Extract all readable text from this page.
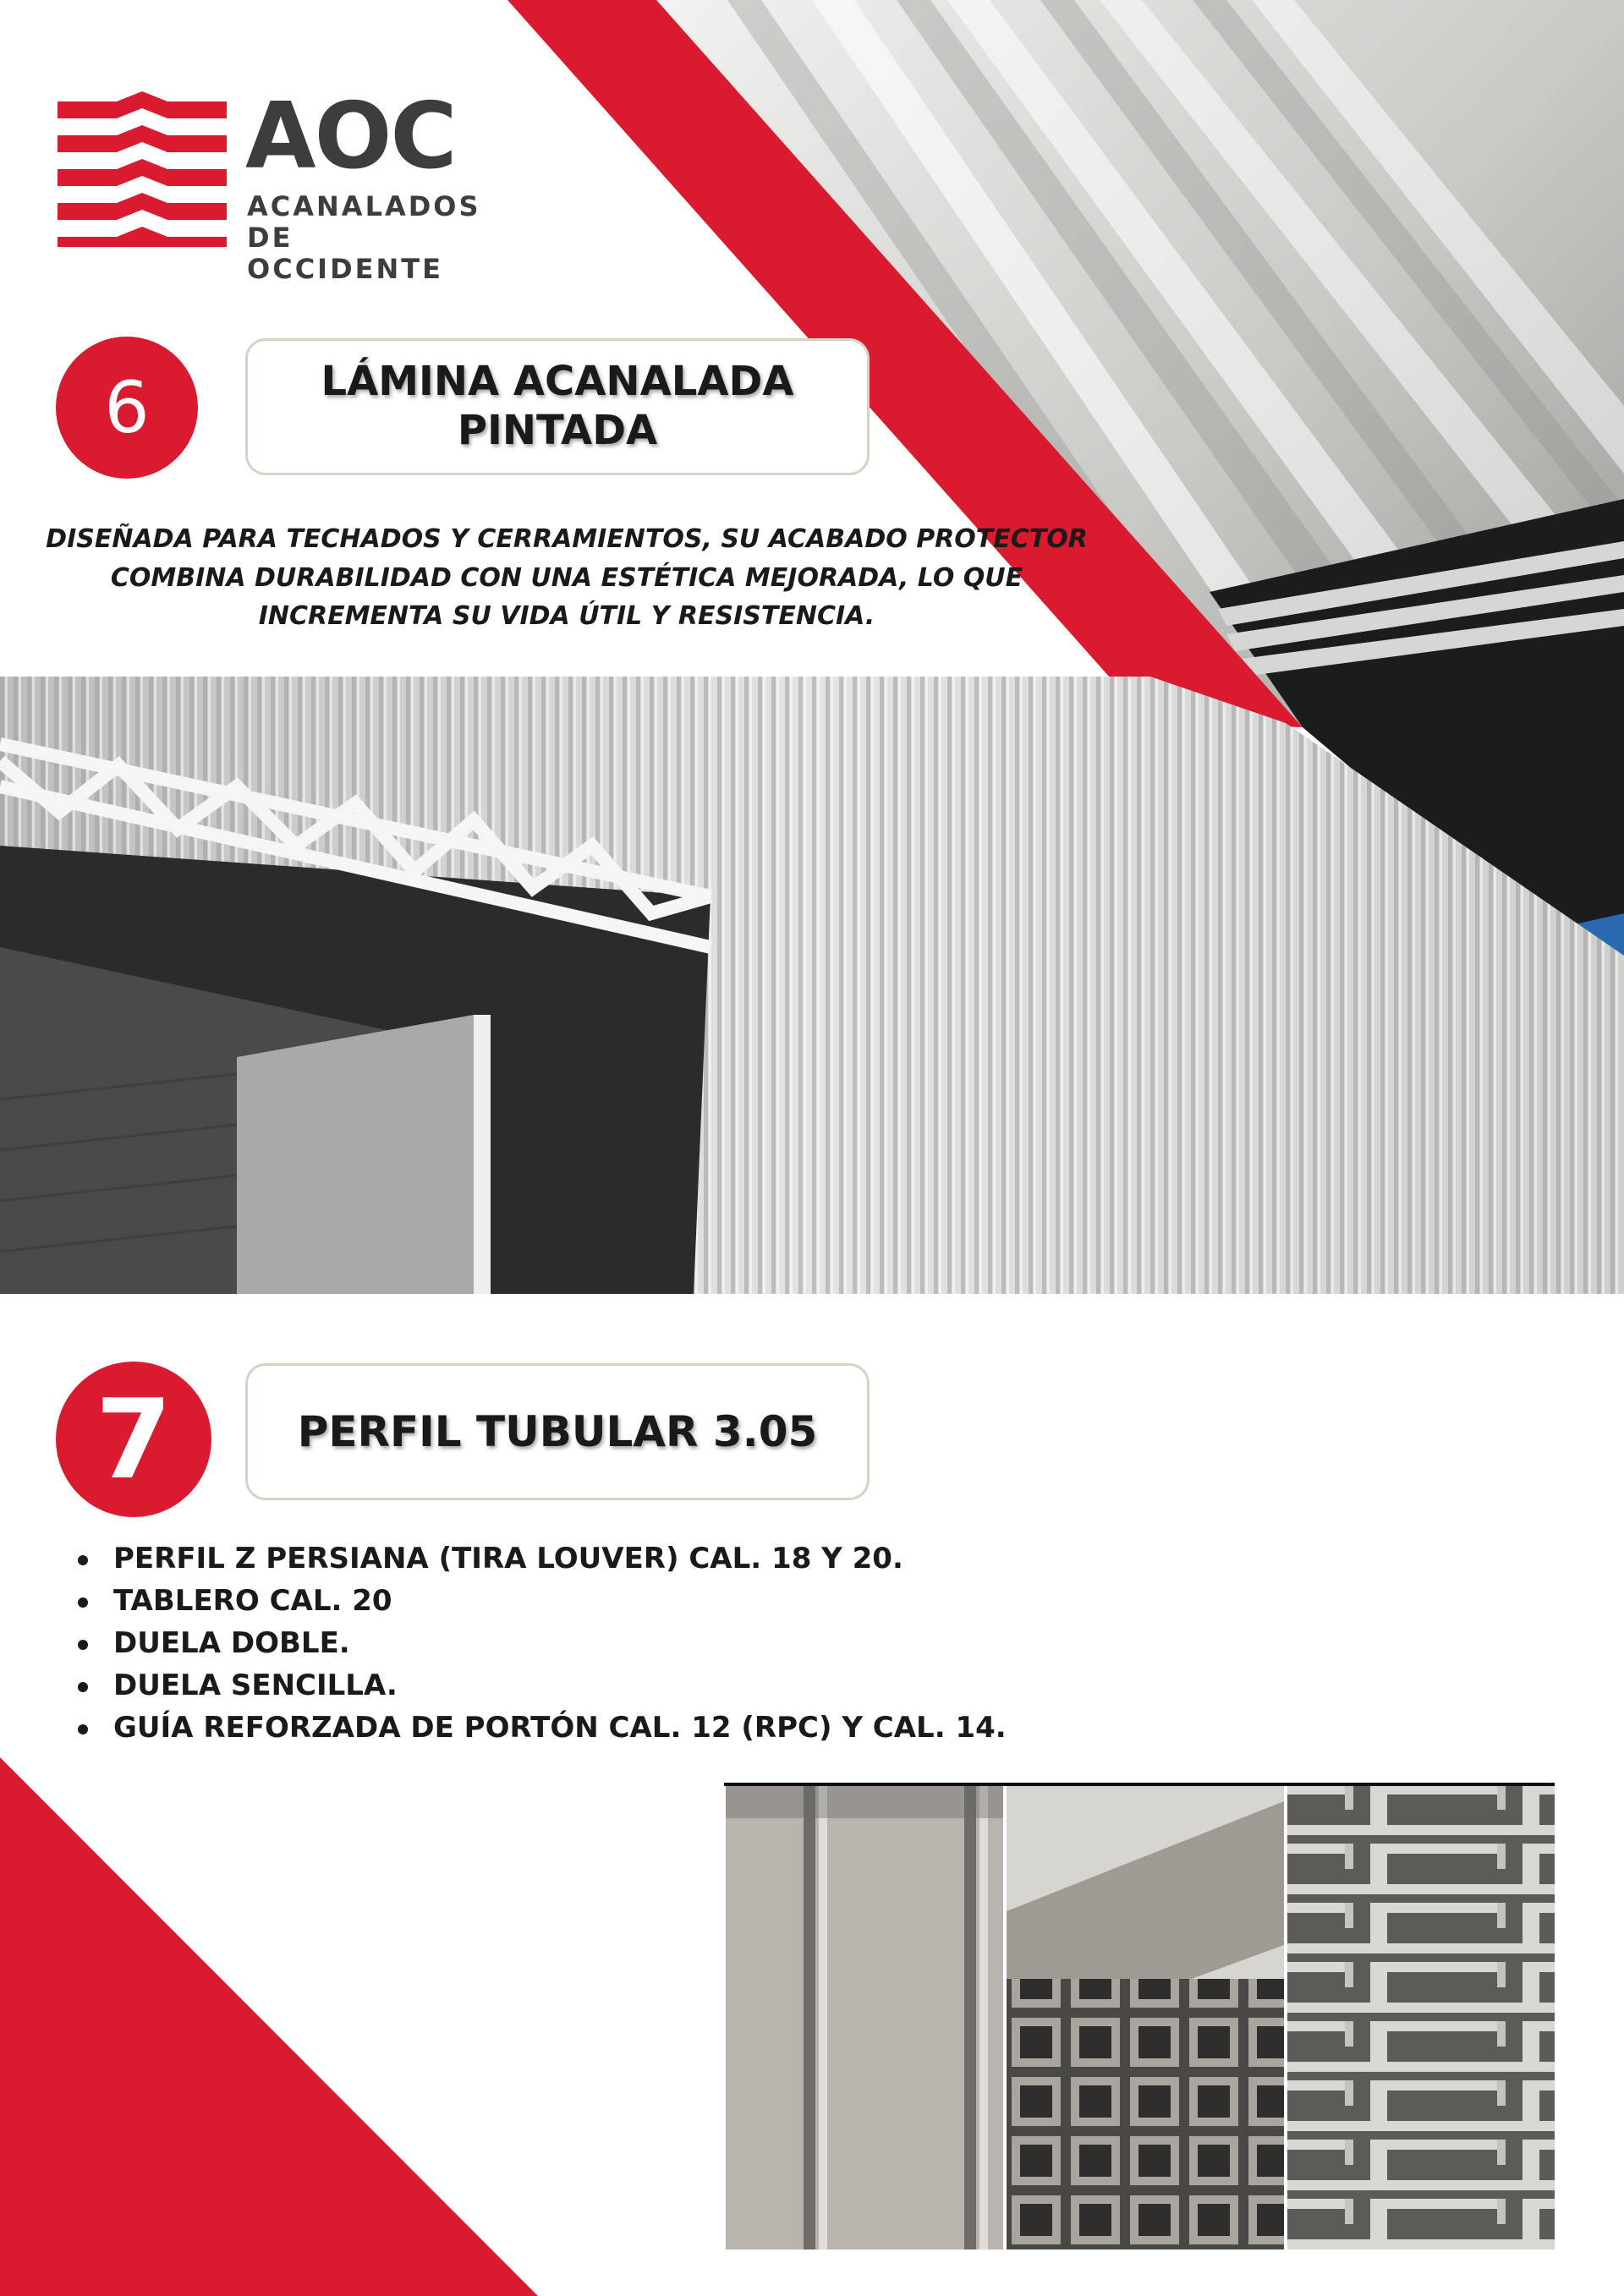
AOC
ACANALADOS
DE OCCIDENTE
6	LÁMINA ACANALADA PINTADA

DISEÑADA PARA TECHADOS Y CERRAMIENTOS, SU ACABADO PROTECTOR COMBINA DURABILIDAD CON UNA ESTÉTICA MEJORADA, LO QUE INCREMENTA SU VIDA ÚTIL Y RESISTENCIA.

7	PERFIL TUBULAR 3.05
PERFIL Z PERSIANA (TIRA LOUVER) CAL. 18 Y 20.
TABLERO CAL. 20
DUELA DOBLE.
DUELA SENCILLA.
GUÍA REFORZADA DE PORTÓN CAL. 12 (RPC) Y CAL. 14.
